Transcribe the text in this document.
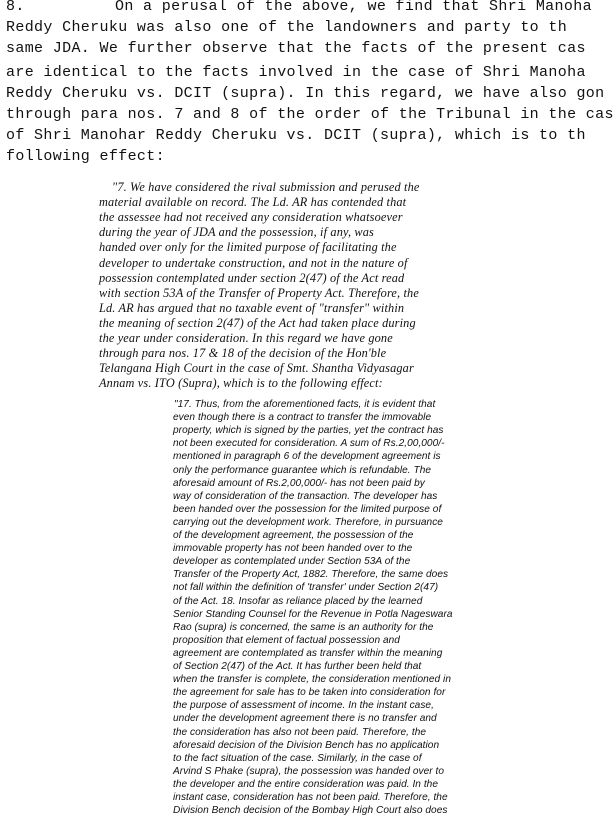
8.	On a perusal of the above, we find that Shri Manoha

Reddy Cheruku was also one of the landowners and party to th

same JDA. We further observe that the facts of the present cas

are identical to the facts involved in the case of Shri Manoha

Reddy Cheruku vs. DCIT (supra). In this regard, we have also gon

through para nos. 7 and 8 of the order of the Tribunal in the cas

of Shri Manohar Reddy Cheruku vs. DCIT (supra), which is to th

following effect:

"7. We have considered the rival submission and perused the

material available on record. The Ld. AR has contended that

the assessee had not received any consideration whatsoever

during the year of JDA and the possession, if any, was

handed over only for the limited purpose of facilitating the

developer to undertake construction, and not in the nature of

possession contemplated under section 2(47) of the Act read

with section 53A of the Transfer of Property Act. Therefore, the

Ld. AR has argued that no taxable event of "transfer" within

the meaning of section 2(47) of the Act had taken place during

the year under consideration. In this regard we have gone

through para nos. 17 & 18 of the decision of the Hon'ble

Telangana High Court in the case of Smt. Shantha Vidyasagar

Annam vs. ITO (Supra), which is to the following effect:

"17. Thus, from the aforementioned facts, it is evident that

even though there is a contract to transfer the immovable

property, which is signed by the parties, yet the contract has

not been executed for consideration. A sum of Rs.2,00,000/-

mentioned in paragraph 6 of the development agreement is

only the performance guarantee which is refundable. The

aforesaid amount of Rs.2,00,000/- has not been paid by

way of consideration of the transaction. The developer has

been handed over the possession for the limited purpose of

carrying out the development work. Therefore, in pursuance

of the development agreement, the possession of the

immovable property has not been handed over to the

developer as contemplated under Section 53A of the

Transfer of the Property Act, 1882. Therefore, the same does

not fall within the definition of 'transfer' under Section 2(47)

of the Act. 18. Insofar as reliance placed by the learned

Senior Standing Counsel for the Revenue in Potla Nageswara

Rao (supra) is concerned, the same is an authority for the

proposition that element of factual possession and

agreement are contemplated as transfer within the meaning

of Section 2(47) of the Act. It has further been held that

when the transfer is complete, the consideration mentioned in

the agreement for sale has to be taken into consideration for

the purpose of assessment of income. In the instant case,

under the development agreement there is no transfer and

the consideration has also not been paid. Therefore, the

aforesaid decision of the Division Bench has no application

to the fact situation of the case. Similarly, in the case of

Arvind S Phake (supra), the possession was handed over to

the developer and the entire consideration was paid. In the

instant case, consideration has not been paid. Therefore, the

Division Bench decision of the Bombay High Court also does
